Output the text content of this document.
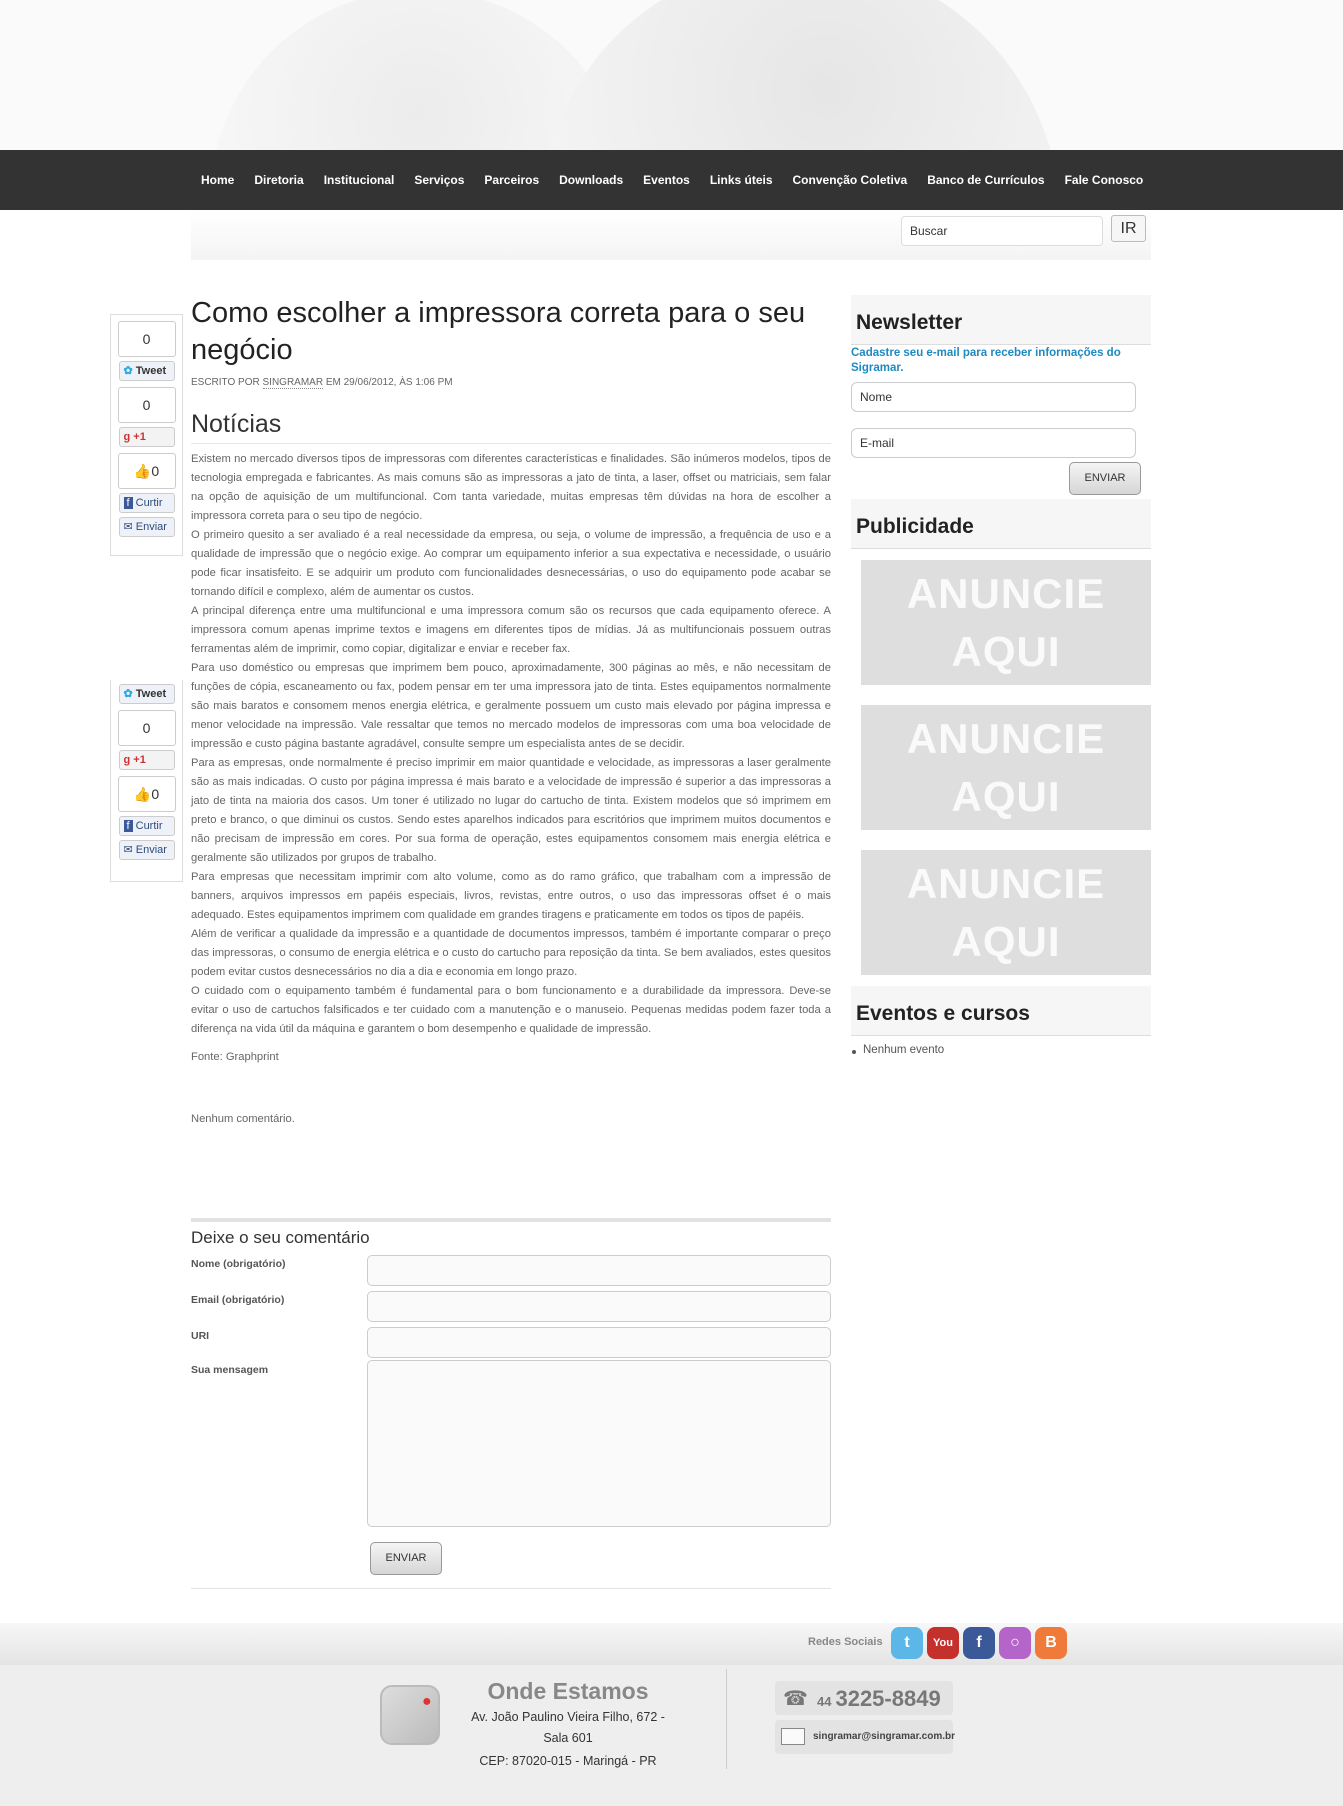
Home Diretoria Institucional Serviços Parceiros Downloads Eventos Links úteis Convenção Coletiva Banco de Currículos Fale Conosco
Buscar	IR
0
✿ Tweet
0
g +1
👍0
f Curtir
✉ Enviar
✿ Tweet
0
g +1
👍0
f Curtir
✉ Enviar
Como escolher a impressora correta para o seu negócio
ESCRITO POR SINGRAMAR EM 29/06/2012, ÀS 1:06 PM
Notícias

Existem no mercado diversos tipos de impressoras com diferentes características e finalidades. São inúmeros modelos, tipos de tecnologia empregada e fabricantes. As mais comuns são as impressoras a jato de tinta, a laser, offset ou matriciais, sem falar na opção de aquisição de um multifuncional. Com tanta variedade, muitas empresas têm dúvidas na hora de escolher a impressora correta para o seu tipo de negócio.

O primeiro quesito a ser avaliado é a real necessidade da empresa, ou seja, o volume de impressão, a frequência de uso e a qualidade de impressão que o negócio exige. Ao comprar um equipamento inferior a sua expectativa e necessidade, o usuário pode ficar insatisfeito. E se adquirir um produto com funcionalidades desnecessárias, o uso do equipamento pode acabar se tornando difícil e complexo, além de aumentar os custos.

A principal diferença entre uma multifuncional e uma impressora comum são os recursos que cada equipamento oferece. A impressora comum apenas imprime textos e imagens em diferentes tipos de mídias. Já as multifuncionais possuem outras ferramentas além de imprimir, como copiar, digitalizar e enviar e receber fax.

Para uso doméstico ou empresas que imprimem bem pouco, aproximadamente, 300 páginas ao mês, e não necessitam de funções de cópia, escaneamento ou fax, podem pensar em ter uma impressora jato de tinta. Estes equipamentos normalmente são mais baratos e consomem menos energia elétrica, e geralmente possuem um custo mais elevado por página impressa e menor velocidade na impressão. Vale ressaltar que temos no mercado modelos de impressoras com uma boa velocidade de impressão e custo página bastante agradável, consulte sempre um especialista antes de se decidir.

Para as empresas, onde normalmente é preciso imprimir em maior quantidade e velocidade, as impressoras a laser geralmente são as mais indicadas. O custo por página impressa é mais barato e a velocidade de impressão é superior a das impressoras a jato de tinta na maioria dos casos. Um toner é utilizado no lugar do cartucho de tinta. Existem modelos que só imprimem em preto e branco, o que diminui os custos. Sendo estes aparelhos indicados para escritórios que imprimem muitos documentos e não precisam de impressão em cores. Por sua forma de operação, estes equipamentos consomem mais energia elétrica e geralmente são utilizados por grupos de trabalho.

Para empresas que necessitam imprimir com alto volume, como as do ramo gráfico, que trabalham com a impressão de banners, arquivos impressos em papéis especiais, livros, revistas, entre outros, o uso das impressoras offset é o mais adequado. Estes equipamentos imprimem com qualidade em grandes tiragens e praticamente em todos os tipos de papéis.

Além de verificar a qualidade da impressão e a quantidade de documentos impressos, também é importante comparar o preço das impressoras, o consumo de energia elétrica e o custo do cartucho para reposição da tinta. Se bem avaliados, estes quesitos podem evitar custos desnecessários no dia a dia e economia em longo prazo.

O cuidado com o equipamento também é fundamental para o bom funcionamento e a durabilidade da impressora. Deve-se evitar o uso de cartuchos falsificados e ter cuidado com a manutenção e o manuseio. Pequenas medidas podem fazer toda a diferença na vida útil da máquina e garantem o bom desempenho e qualidade de impressão.

Fonte: Graphprint
Nenhum comentário.
Deixe o seu comentário
Nome (obrigatório)
Email (obrigatório)
URI
Sua mensagem
ENVIAR
Newsletter
Cadastre seu e-mail para receber informações do Sigramar.
Nome
E-mail
ENVIAR
Publicidade
ANUNCIE
AQUI
ANUNCIE
AQUI
ANUNCIE
AQUI
Eventos e cursos
Nenhum evento
Redes Sociais	t	You	f	○	B
●	Onde Estamos
Av. João Paulino Vieira Filho, 672 - Sala 601
CEP: 87020-015 - Maringá - PR
☎ 44 3225-8849
singramar@singramar.com.br
